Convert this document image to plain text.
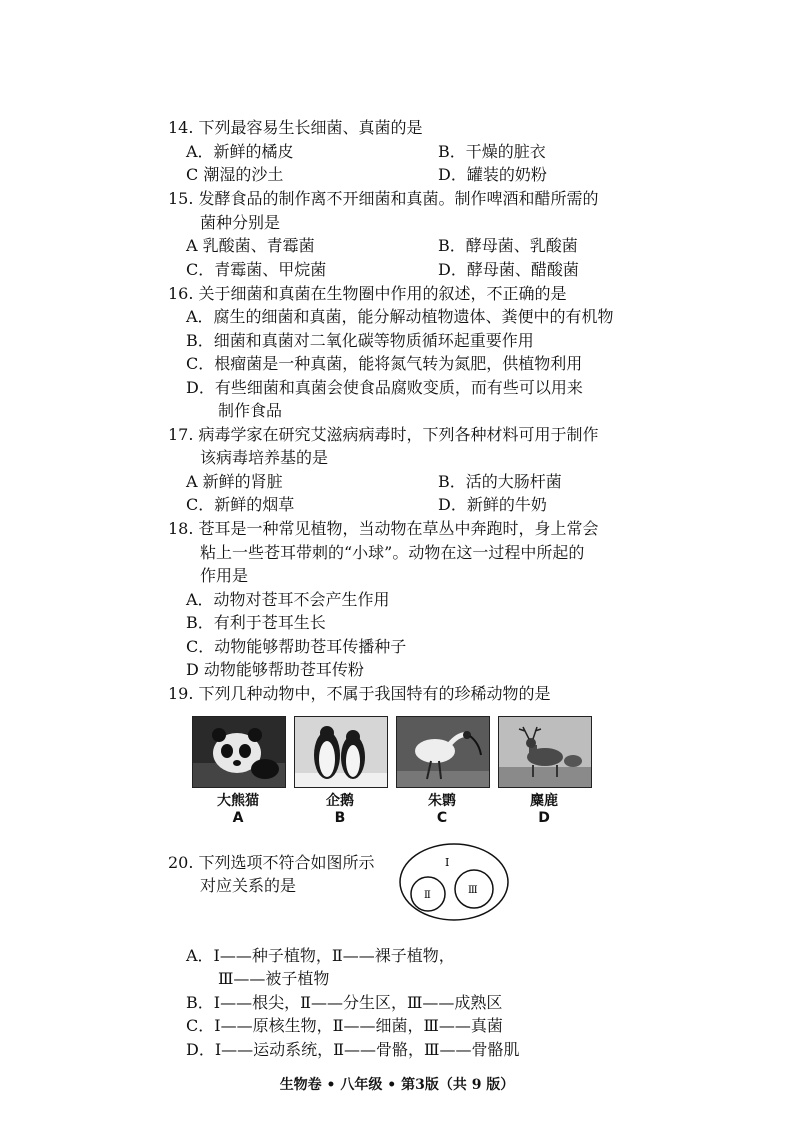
14. 下列最容易生长细菌、真菌的是
A．新鲜的橘皮	B．干燥的脏衣
C 潮湿的沙土	D．罐装的奶粉
15. 发酵食品的制作离不开细菌和真菌。制作啤酒和醋所需的
菌种分别是
A 乳酸菌、青霉菌	B．酵母菌、乳酸菌
C．青霉菌、甲烷菌	D．酵母菌、醋酸菌
16. 关于细菌和真菌在生物圈中作用的叙述，不正确的是
A．腐生的细菌和真菌，能分解动植物遗体、粪便中的有机物
B．细菌和真菌对二氧化碳等物质循环起重要作用
C．根瘤菌是一种真菌，能将氮气转为氮肥，供植物利用
D．有些细菌和真菌会使食品腐败变质，而有些可以用来
制作食品
17. 病毒学家在研究艾滋病病毒时，下列各种材料可用于制作
该病毒培养基的是
A 新鲜的肾脏	B．活的大肠杆菌
C．新鲜的烟草	D．新鲜的牛奶
18. 苍耳是一种常见植物，当动物在草丛中奔跑时，身上常会
粘上一些苍耳带刺的“小球”。动物在这一过程中所起的
作用是
A．动物对苍耳不会产生作用
B．有利于苍耳生长
C．动物能够帮助苍耳传播种子
D 动物能够帮助苍耳传粉
19. 下列几种动物中，不属于我国特有的珍稀动物的是
大熊猫	企鹅	朱鹮	麋鹿
A	B	C	D
20. 下列选项不符合如图所示
对应关系的是
Ⅰ
Ⅱ	Ⅲ
A．Ⅰ——种子植物，Ⅱ——裸子植物，
Ⅲ——被子植物
B．Ⅰ——根尖，Ⅱ——分生区，Ⅲ——成熟区
C．Ⅰ——原核生物，Ⅱ——细菌，Ⅲ——真菌
D．Ⅰ——运动系统，Ⅱ——骨骼，Ⅲ——骨骼肌
生物卷 • 八年级 • 第3版（共 9 版）
